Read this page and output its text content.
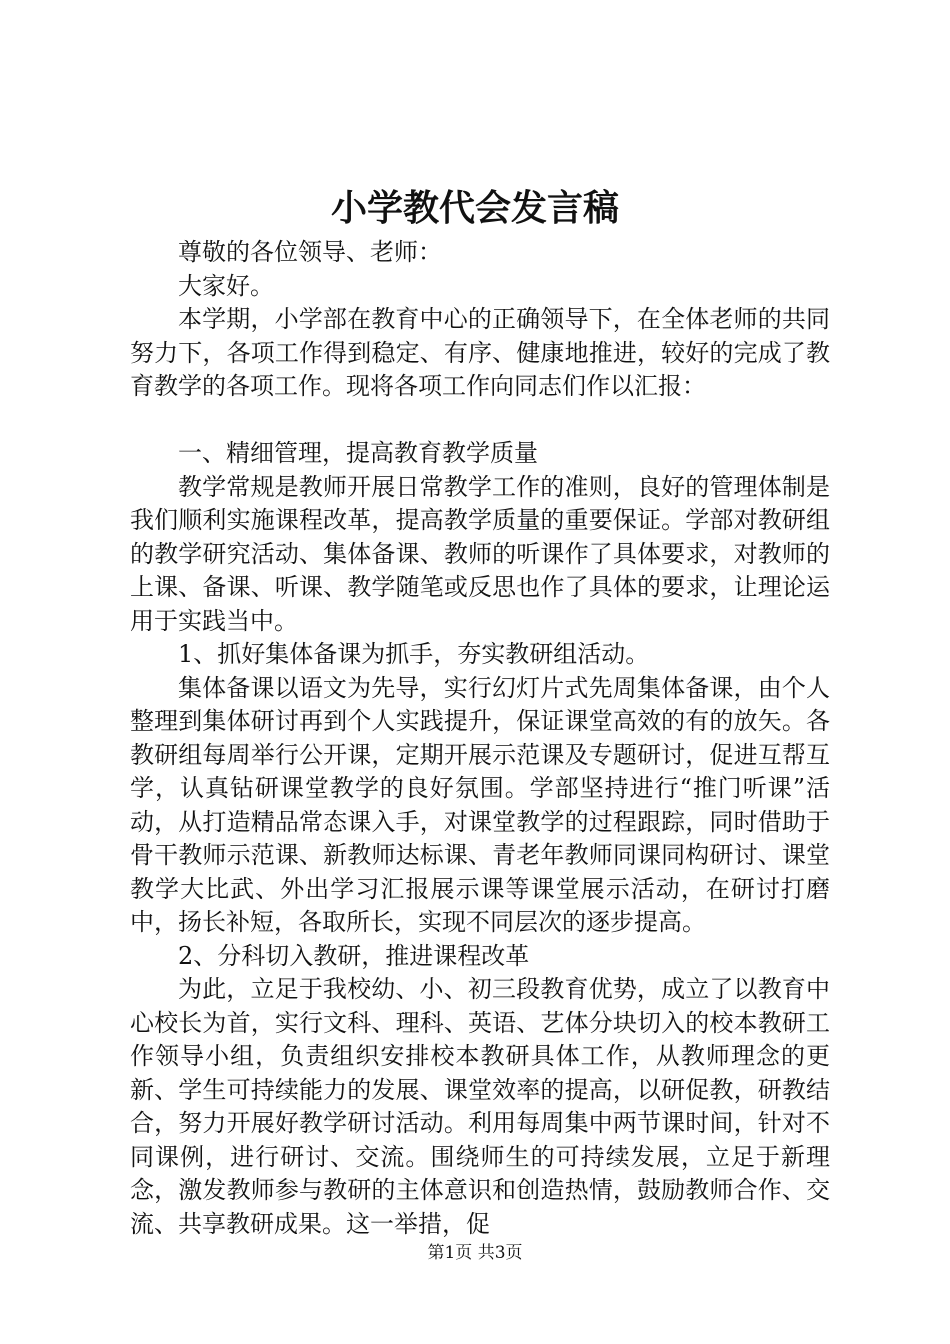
小学教代会发言稿

尊敬的各位领导、老师：

大家好。

本学期，小学部在教育中心的正确领导下，在全体老师的共同努力下，各项工作得到稳定、有序、健康地推进，较好的完成了教育教学的各项工作。现将各项工作向同志们作以汇报：

一、精细管理，提高教育教学质量

教学常规是教师开展日常教学工作的准则，良好的管理体制是我们顺利实施课程改革，提高教学质量的重要保证。学部对教研组的教学研究活动、集体备课、教师的听课作了具体要求，对教师的上课、备课、听课、教学随笔或反思也作了具体的要求，让理论运用于实践当中。

1、抓好集体备课为抓手，夯实教研组活动。

集体备课以语文为先导，实行幻灯片式先周集体备课，由个人整理到集体研讨再到个人实践提升，保证课堂高效的有的放矢。各教研组每周举行公开课，定期开展示范课及专题研讨，促进互帮互学，认真钻研课堂教学的良好氛围。学部坚持进行“推门听课”活动，从打造精品常态课入手，对课堂教学的过程跟踪，同时借助于骨干教师示范课、新教师达标课、青老年教师同课同构研讨、课堂教学大比武、外出学习汇报展示课等课堂展示活动，在研讨打磨中，扬长补短，各取所长，实现不同层次的逐步提高。

2、分科切入教研，推进课程改革

为此，立足于我校幼、小、初三段教育优势，成立了以教育中心校长为首，实行文科、理科、英语、艺体分块切入的校本教研工作领导小组，负责组织安排校本教研具体工作，从教师理念的更新、学生可持续能力的发展、课堂效率的提高，以研促教，研教结合，努力开展好教学研讨活动。利用每周集中两节课时间，针对不同课例，进行研讨、交流。围绕师生的可持续发展，立足于新理念，激发教师参与教研的主体意识和创造热情，鼓励教师合作、交流、共享教研成果。这一举措，促

第1页 共3页
